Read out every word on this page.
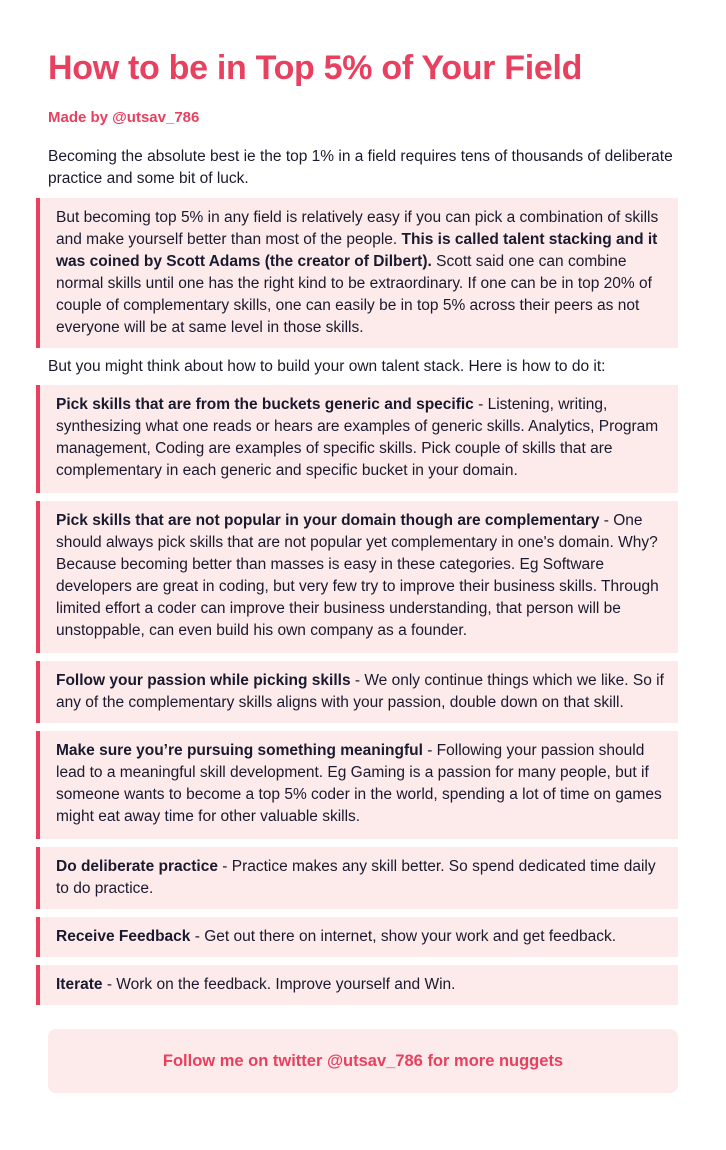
How to be in Top 5% of Your Field
Made by @utsav_786

Becoming the absolute best ie the top 1% in a field requires tens of thousands of deliberate practice and some bit of luck.

But becoming top 5% in any field is relatively easy if you can pick a combination of skills and make yourself better than most of the people. This is called talent stacking and it was coined by Scott Adams (the creator of Dilbert). Scott said one can combine normal skills until one has the right kind to be extraordinary. If one can be in top 20% of couple of complementary skills, one can easily be in top 5% across their peers as not everyone will be at same level in those skills.

But you might think about how to build your own talent stack. Here is how to do it:

Pick skills that are from the buckets generic and specific - Listening, writing, synthesizing what one reads or hears are examples of generic skills. Analytics, Program management, Coding are examples of specific skills. Pick couple of skills that are complementary in each generic and specific bucket in your domain.

Pick skills that are not popular in your domain though are complementary - One should always pick skills that are not popular yet complementary in one's domain. Why? Because becoming better than masses is easy in these categories. Eg Software developers are great in coding, but very few try to improve their business skills. Through limited effort a coder can improve their business understanding, that person will be unstoppable, can even build his own company as a founder.

Follow your passion while picking skills - We only continue things which we like. So if any of the complementary skills aligns with your passion, double down on that skill.

Make sure you’re pursuing something meaningful - Following your passion should lead to a meaningful skill development. Eg Gaming is a passion for many people, but if someone wants to become a top 5% coder in the world, spending a lot of time on games might eat away time for other valuable skills.

Do deliberate practice - Practice makes any skill better. So spend dedicated time daily to do practice.

Receive Feedback - Get out there on internet, show your work and get feedback.

Iterate - Work on the feedback. Improve yourself and Win.

Follow me on twitter @utsav_786 for more nuggets
